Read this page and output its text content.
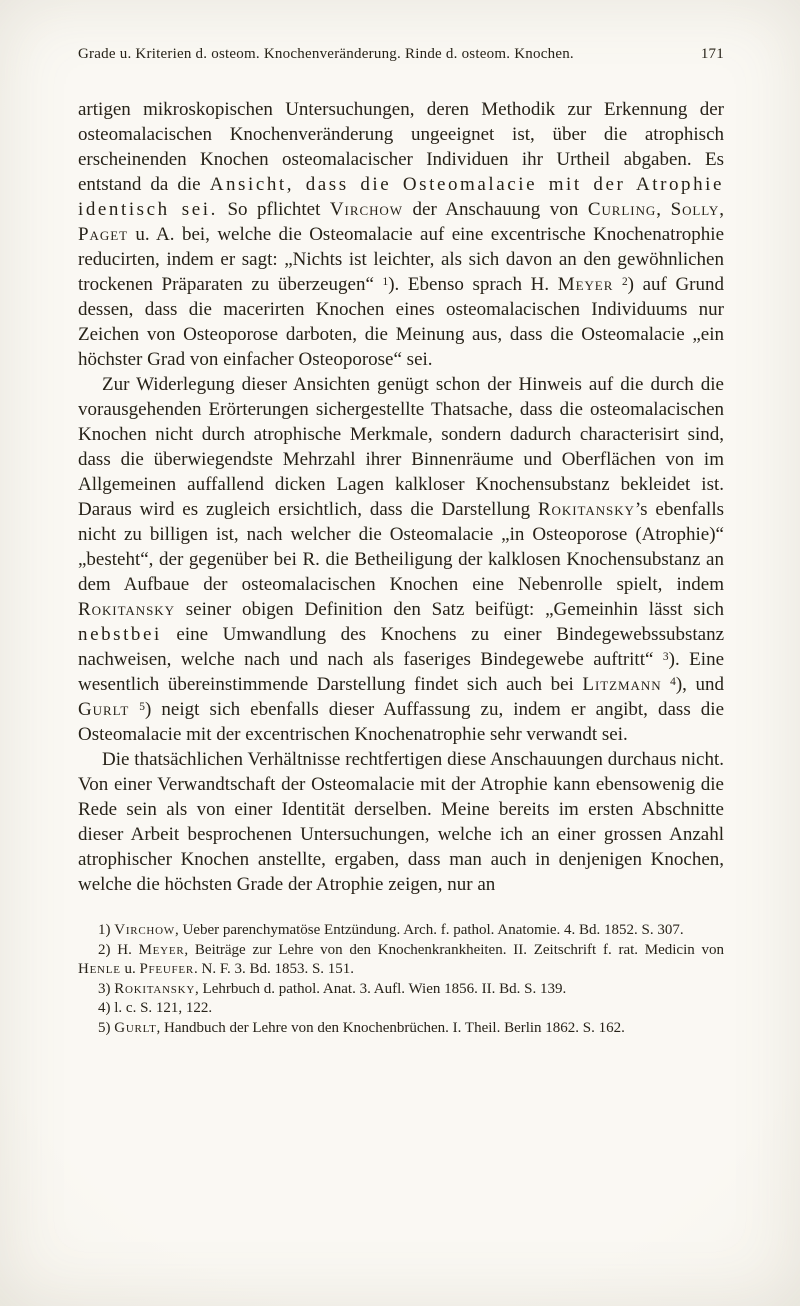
Grade u. Kriterien d. osteom. Knochenveränderung. Rinde d. osteom. Knochen.	171

artigen mikroskopischen Untersuchungen, deren Methodik zur Erkennung der osteomalacischen Knochenveränderung ungeeignet ist, über die atrophisch erscheinenden Knochen osteomalacischer Individuen ihr Urtheil abgaben. Es entstand da die Ansicht, dass die Osteomalacie mit der Atrophie identisch sei. So pflichtet Virchow der Anschauung von Curling, Solly, Paget u. A. bei, welche die Osteomalacie auf eine excentrische Knochenatrophie reducirten, indem er sagt: „Nichts ist leichter, als sich davon an den gewöhnlichen trockenen Präparaten zu überzeugen“ $^1$). Ebenso sprach H. Meyer $^2$) auf Grund dessen, dass die macerirten Knochen eines osteomalacischen Individuums nur Zeichen von Osteoporose darboten, die Meinung aus, dass die Osteomalacie „ein höchster Grad von einfacher Osteoporose“ sei.

Zur Widerlegung dieser Ansichten genügt schon der Hinweis auf die durch die vorausgehenden Erörterungen sichergestellte Thatsache, dass die osteomalacischen Knochen nicht durch atrophische Merkmale, sondern dadurch characterisirt sind, dass die überwiegendste Mehrzahl ihrer Binnenräume und Oberflächen von im Allgemeinen auffallend dicken Lagen kalkloser Knochensubstanz bekleidet ist. Daraus wird es zugleich ersichtlich, dass die Darstellung Rokitansky’s ebenfalls nicht zu billigen ist, nach welcher die Osteomalacie „in Osteoporose (Atrophie)“ „besteht“, der gegenüber bei R. die Betheiligung der kalklosen Knochensubstanz an dem Aufbaue der osteomalacischen Knochen eine Nebenrolle spielt, indem Rokitansky seiner obigen Definition den Satz beifügt: „Gemeinhin lässt sich nebstbei eine Umwandlung des Knochens zu einer Bindegewebssubstanz nachweisen, welche nach und nach als faseriges Bindegewebe auftritt“ $^3$). Eine wesentlich übereinstimmende Darstellung findet sich auch bei Litzmann $^4$), und Gurlt $^5$) neigt sich ebenfalls dieser Auffassung zu, indem er angibt, dass die Osteomalacie mit der excentrischen Knochenatrophie sehr verwandt sei.

Die thatsächlichen Verhältnisse rechtfertigen diese Anschauungen durchaus nicht. Von einer Verwandtschaft der Osteomalacie mit der Atrophie kann ebensowenig die Rede sein als von einer Identität derselben. Meine bereits im ersten Abschnitte dieser Arbeit besprochenen Untersuchungen, welche ich an einer grossen Anzahl atrophischer Knochen anstellte, ergaben, dass man auch in denjenigen Knochen, welche die höchsten Grade der Atrophie zeigen, nur an

1) Virchow, Ueber parenchymatöse Entzündung. Arch. f. pathol. Anatomie. 4. Bd. 1852. S. 307.

2) H. Meyer, Beiträge zur Lehre von den Knochenkrankheiten. II. Zeitschrift f. rat. Medicin von Henle u. Pfeufer. N. F. 3. Bd. 1853. S. 151.

3) Rokitansky, Lehrbuch d. pathol. Anat. 3. Aufl. Wien 1856. II. Bd. S. 139.

4) l. c. S. 121, 122.

5) Gurlt, Handbuch der Lehre von den Knochenbrüchen. I. Theil. Berlin 1862. S. 162.
